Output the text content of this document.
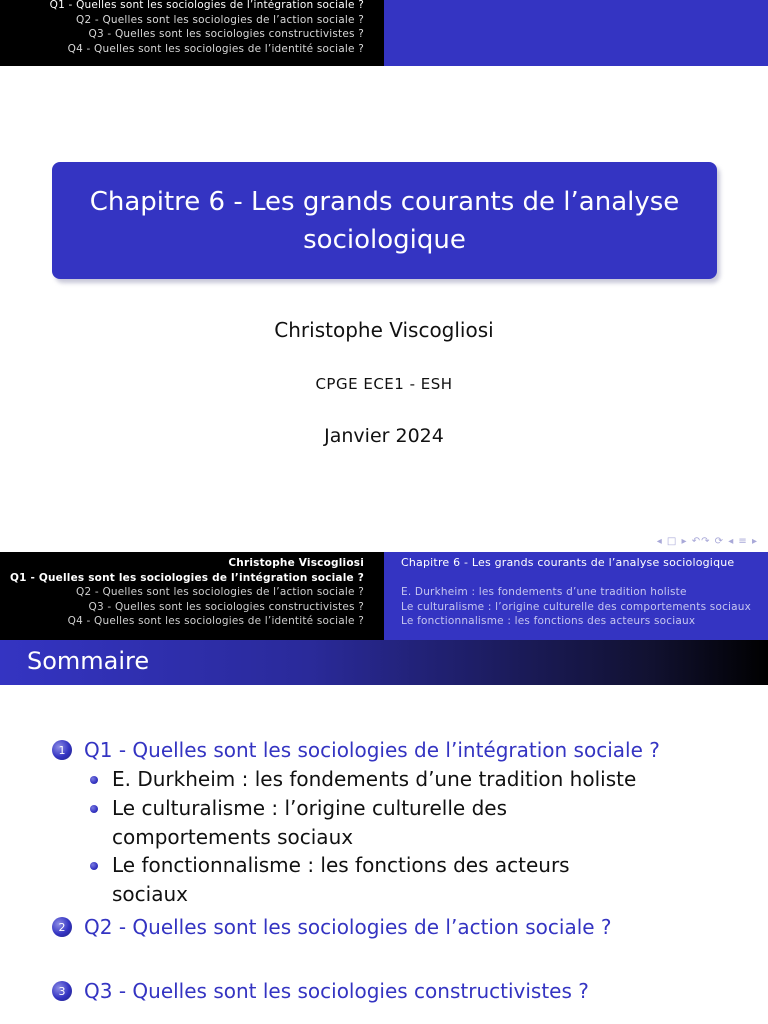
Q1 - Quelles sont les sociologies de l’intégration sociale ?
Q2 - Quelles sont les sociologies de l’action sociale ?
Q3 - Quelles sont les sociologies constructivistes ?
Q4 - Quelles sont les sociologies de l’identité sociale ?
Chapitre 6 - Les grands courants de l’analyse sociologique
Christophe Viscogliosi
CPGE ECE1 - ESH
Janvier 2024
◂ □ ▸ ↶↷ ⟳ ◂ ≡ ▸
Christophe Viscogliosi
Q1 - Quelles sont les sociologies de l’intégration sociale ?
Q2 - Quelles sont les sociologies de l’action sociale ?
Q3 - Quelles sont les sociologies constructivistes ?
Q4 - Quelles sont les sociologies de l’identité sociale ?
Chapitre 6 - Les grands courants de l’analyse sociologique
E. Durkheim : les fondements d’une tradition holiste
Le culturalisme : l’origine culturelle des comportements sociaux
Le fonctionnalisme : les fonctions des acteurs sociaux
Sommaire
1 Q1 - Quelles sont les sociologies de l’intégration sociale ?
E. Durkheim : les fondements d’une tradition holiste
Le culturalisme : l’origine culturelle des comportements sociaux
Le fonctionnalisme : les fonctions des acteurs sociaux
2 Q2 - Quelles sont les sociologies de l’action sociale ?
3 Q3 - Quelles sont les sociologies constructivistes ?
